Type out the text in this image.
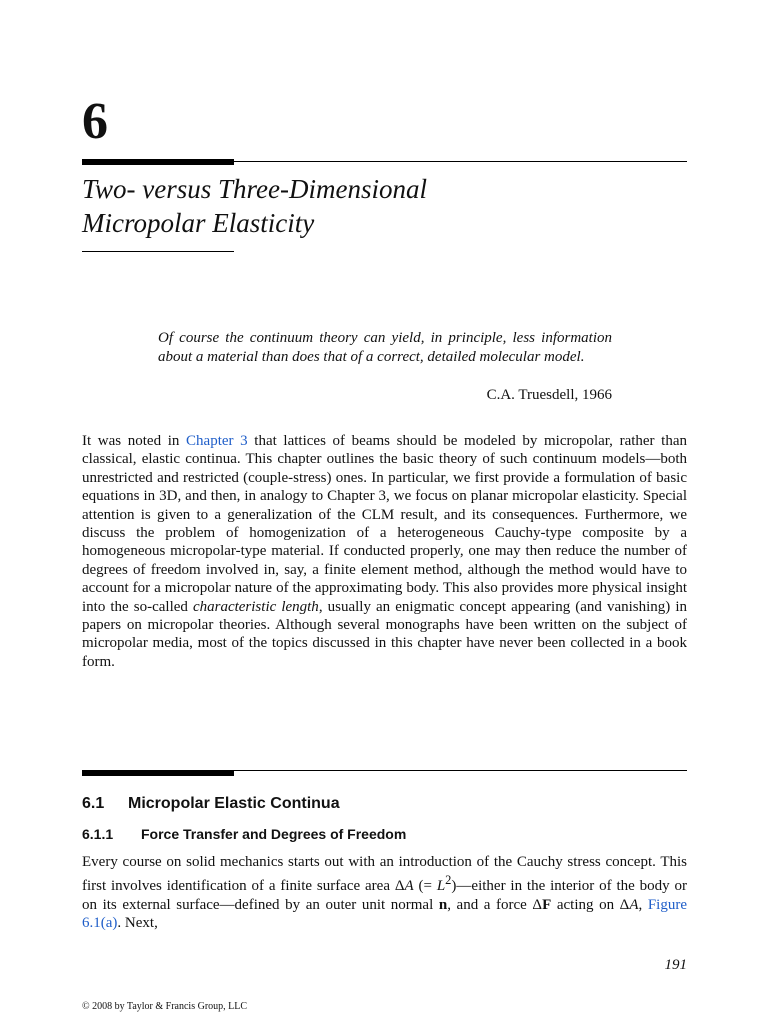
6
Two- versus Three-Dimensional
Micropolar Elasticity

Of course the continuum theory can yield, in principle, less information about a material than does that of a correct, detailed molecular model.

C.A. Truesdell, 1966

It was noted in Chapter 3 that lattices of beams should be modeled by micropolar, rather than classical, elastic continua. This chapter outlines the basic theory of such continuum models—both unrestricted and restricted (couple-stress) ones. In particular, we first provide a formulation of basic equations in 3D, and then, in analogy to Chapter 3, we focus on planar micropolar elasticity. Special attention is given to a generalization of the CLM result, and its consequences. Furthermore, we discuss the problem of homogenization of a heterogeneous Cauchy-type composite by a homogeneous micropolar-type material. If conducted properly, one may then reduce the number of degrees of freedom involved in, say, a finite element method, although the method would have to account for a micropolar nature of the approximating body. This also provides more physical insight into the so-called characteristic length, usually an enigmatic concept appearing (and vanishing) in papers on micropolar theories. Although several monographs have been written on the subject of micropolar media, most of the topics discussed in this chapter have never been collected in a book form.

6.1 Micropolar Elastic Continua
6.1.1 Force Transfer and Degrees of Freedom

Every course on solid mechanics starts out with an introduction of the Cauchy stress concept. This first involves identification of a finite surface area ΔA (= $L^2)—either$ in the interior of the body or on its external surface—defined by an outer unit normal n, and a force ΔF acting on ΔA, Figure 6.1(a). Next,

191
© 2008 by Taylor & Francis Group, LLC
